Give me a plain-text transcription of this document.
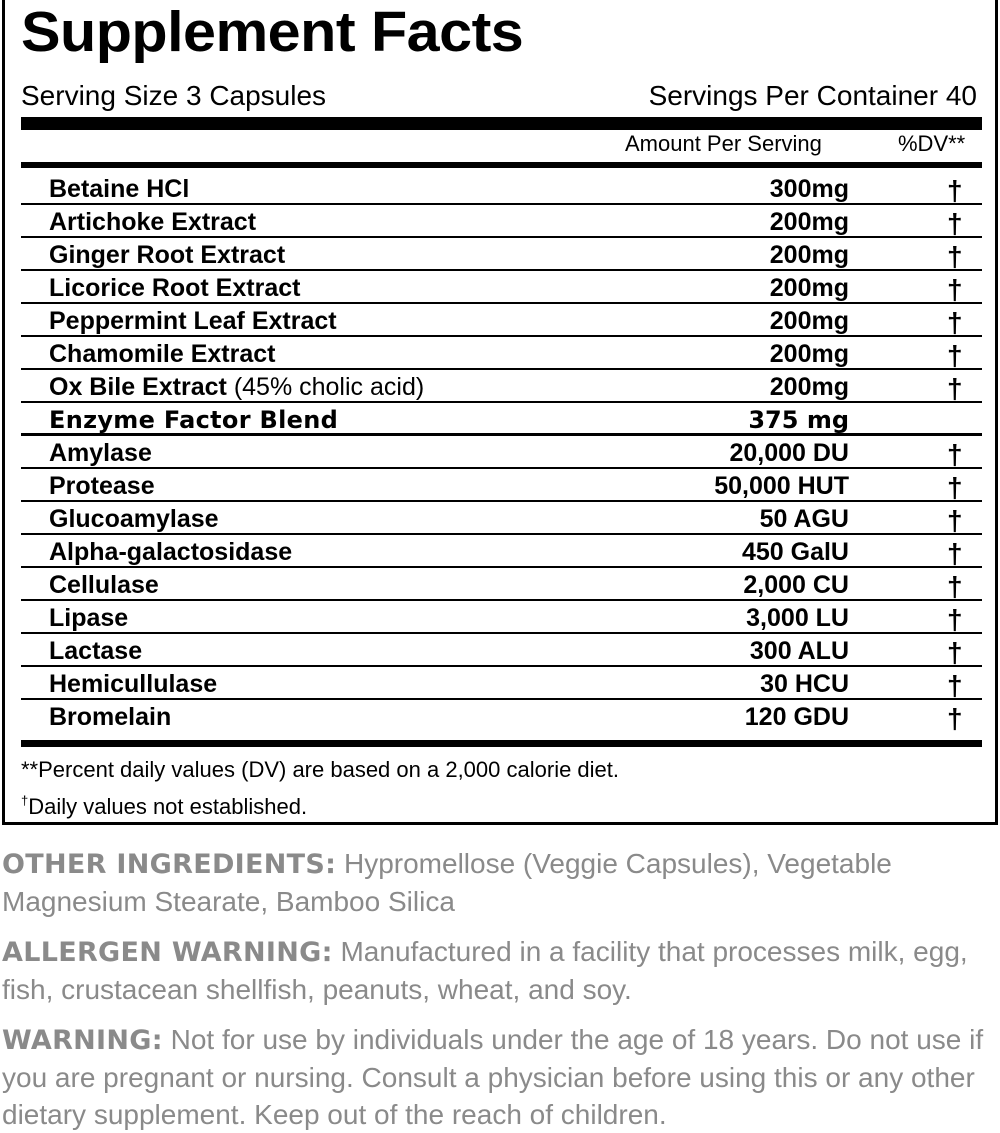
Supplement Facts
Serving Size 3 Capsules	Servings Per Container 40
Amount Per Serving	%DV**
Betaine HCl	300mg	†
Artichoke Extract	200mg	†
Ginger Root Extract	200mg	†
Licorice Root Extract	200mg	†
Peppermint Leaf Extract	200mg	†
Chamomile Extract	200mg	†
Ox Bile Extract (45% cholic acid)	200mg	†
Enzyme Factor Blend	375 mg
Amylase	20,000 DU	†
Protease	50,000 HUT	†
Glucoamylase	50 AGU	†
Alpha-galactosidase	450 GalU	†
Cellulase	2,000 CU	†
Lipase	3,000 LU	†
Lactase	300 ALU	†
Hemicullulase	30 HCU	†
Bromelain	120 GDU	†
**Percent daily values (DV) are based on a 2,000 calorie diet.
†Daily values not established.
OTHER INGREDIENTS: Hypromellose (Veggie Capsules), Vegetable Magnesium Stearate, Bamboo Silica
ALLERGEN WARNING: Manufactured in a facility that processes milk, egg, fish, crustacean shellfish, peanuts, wheat, and soy.
WARNING: Not for use by individuals under the age of 18 years. Do not use if you are pregnant or nursing. Consult a physician before using this or any other dietary supplement. Keep out of the reach of children.
